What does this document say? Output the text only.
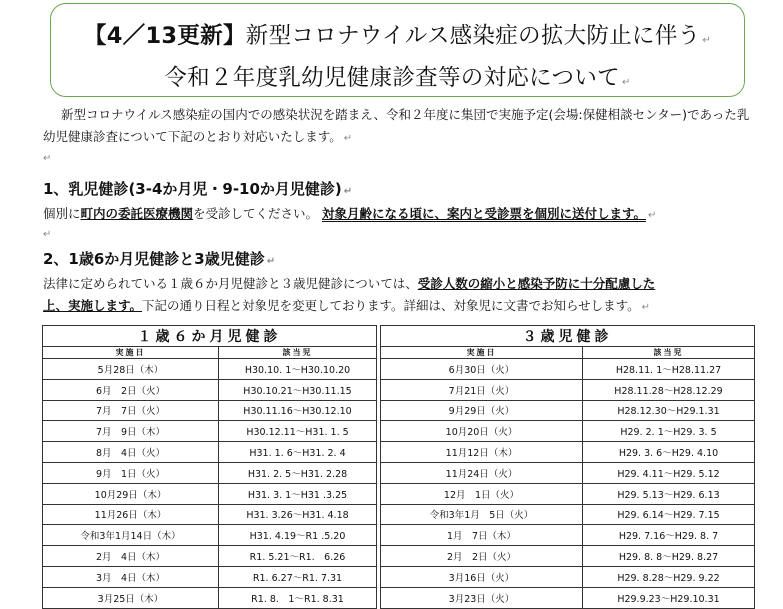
【4／13更新】新型コロナウイルス感染症の拡大防止に伴う ↵
令和２年度乳幼児健康診査等の対応について ↵
新型コロナウイルス感染症の国内での感染状況を踏まえ、令和２年度に集団で実施予定(会場:保健相談センター)であった乳幼児健康診査について下記のとおり対応いたします。 ↵
↵
1、乳児健診(3-4か月児・9-10か月児健診) ↵
個別に町内の委託医療機関を受診してください。 対象月齢になる頃に、案内と受診票を個別に送付します。 ↵
↵
2、1歳6か月児健診と3歳児健診 ↵
法律に定められている１歳６か月児健診と３歳児健診については、受診人数の縮小と感染予防に十分配慮した
上、実施します。下記の通り日程と対象児を変更しております。詳細は、対象児に文書でお知らせします。 ↵
１歳６か月児健診			３歳児健診	
実施日	該当児		実施日	該当児
5月28日（木）	H30.10. 1～H30.10.20		6月30日（火）	H28.11. 1～H28.11.27
6月　2日（火）	H30.10.21～H30.11.15		7月21日（火）	H28.11.28～H28.12.29
7月　7日（火）	H30.11.16～H30.12.10		9月29日（火）	H28.12.30～H29.1.31
7月　9日（木）	H30.12.11～H31. 1. 5		10月20日（火）	H29. 2. 1～H29. 3. 5
8月　4日（火）	H31. 1. 6～H31. 2. 4		11月12日（木）	H29. 3. 6～H29. 4.10
9月　1日（火）	H31. 2. 5～H31. 2.28		11月24日（火）	H29. 4.11～H29. 5.12
10月29日（木）	H31. 3. 1～H31 .3.25		12月　1日（火）	H29. 5.13～H29. 6.13
11月26日（木）	H31. 3.26～H31. 4.18		令和3年1月　5日（火）	H29. 6.14～H29. 7.15
令和3年1月14日（木）	H31. 4.19～R1 .5.20		1月　7日（木）	H29. 7.16～H29. 8. 7
2月　4日（木）	R1. 5.21～R1.　6.26		2月　2日（火）	H29. 8. 8～H29. 8.27
3月　4日（木）	R1. 6.27～R1. 7.31		3月16日（火）	H29. 8.28～H29. 9.22
3月25日（木）	R1. 8.　1～R1. 8.31		3月23日（火）	H29.9.23～H29.10.31
